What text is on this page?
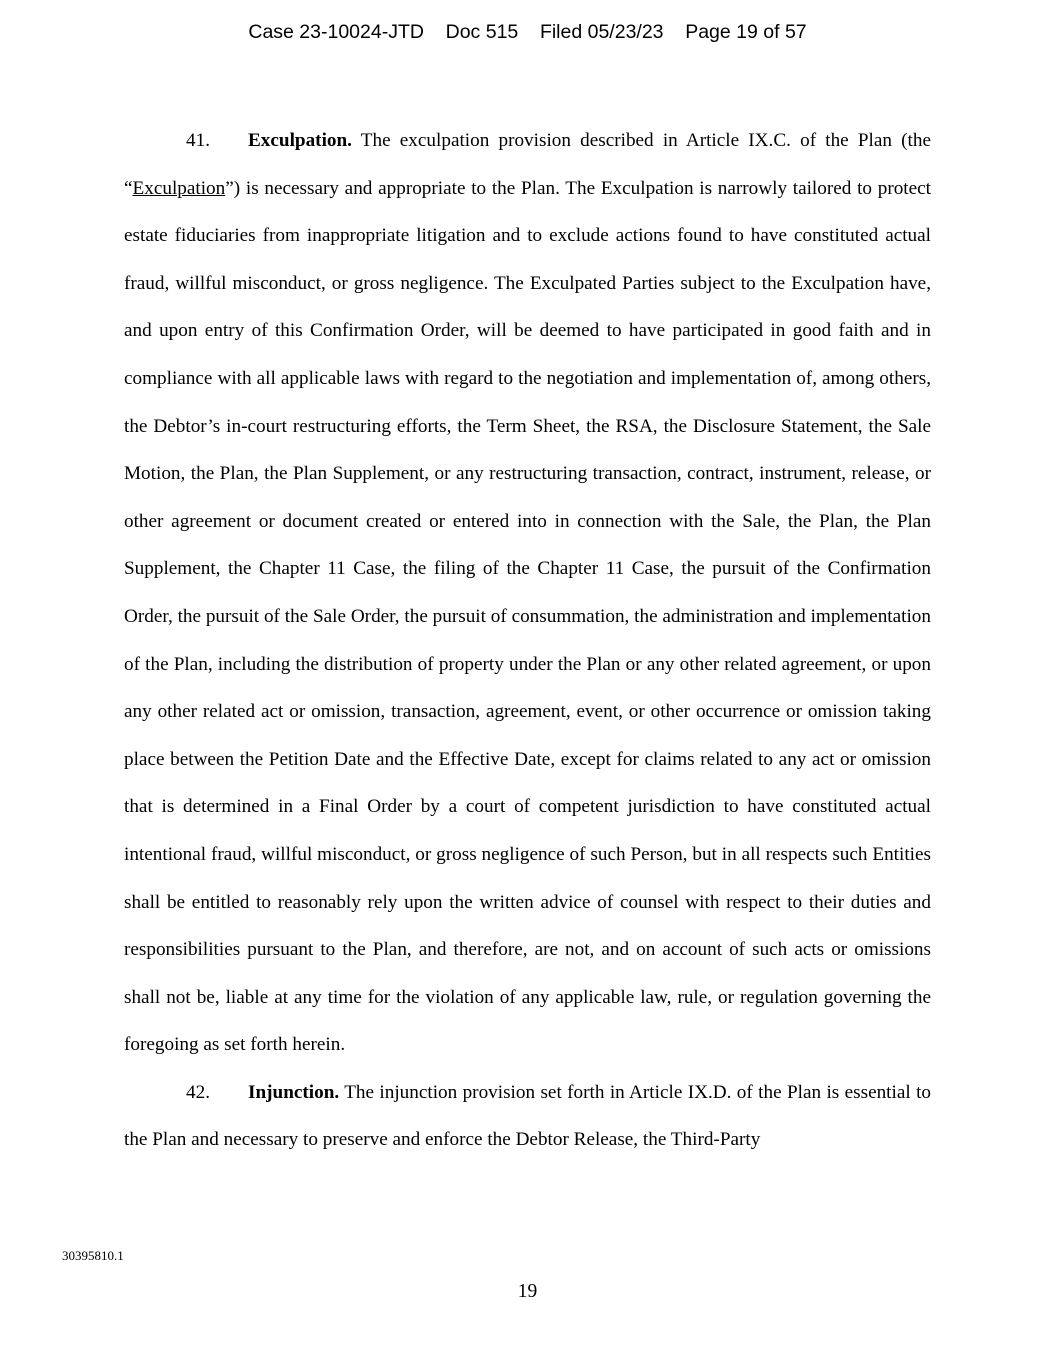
Case 23-10024-JTD Doc 515 Filed 05/23/23 Page 19 of 57

41. Exculpation. The exculpation provision described in Article IX.C. of the Plan (the “Exculpation”) is necessary and appropriate to the Plan. The Exculpation is narrowly tailored to protect estate fiduciaries from inappropriate litigation and to exclude actions found to have constituted actual fraud, willful misconduct, or gross negligence. The Exculpated Parties subject to the Exculpation have, and upon entry of this Confirmation Order, will be deemed to have participated in good faith and in compliance with all applicable laws with regard to the negotiation and implementation of, among others, the Debtor’s in-court restructuring efforts, the Term Sheet, the RSA, the Disclosure Statement, the Sale Motion, the Plan, the Plan Supplement, or any restructuring transaction, contract, instrument, release, or other agreement or document created or entered into in connection with the Sale, the Plan, the Plan Supplement, the Chapter 11 Case, the filing of the Chapter 11 Case, the pursuit of the Confirmation Order, the pursuit of the Sale Order, the pursuit of consummation, the administration and implementation of the Plan, including the distribution of property under the Plan or any other related agreement, or upon any other related act or omission, transaction, agreement, event, or other occurrence or omission taking place between the Petition Date and the Effective Date, except for claims related to any act or omission that is determined in a Final Order by a court of competent jurisdiction to have constituted actual intentional fraud, willful misconduct, or gross negligence of such Person, but in all respects such Entities shall be entitled to reasonably rely upon the written advice of counsel with respect to their duties and responsibilities pursuant to the Plan, and therefore, are not, and on account of such acts or omissions shall not be, liable at any time for the violation of any applicable law, rule, or regulation governing the foregoing as set forth herein.

42. Injunction. The injunction provision set forth in Article IX.D. of the Plan is essential to the Plan and necessary to preserve and enforce the Debtor Release, the Third-Party

30395810.1
19
